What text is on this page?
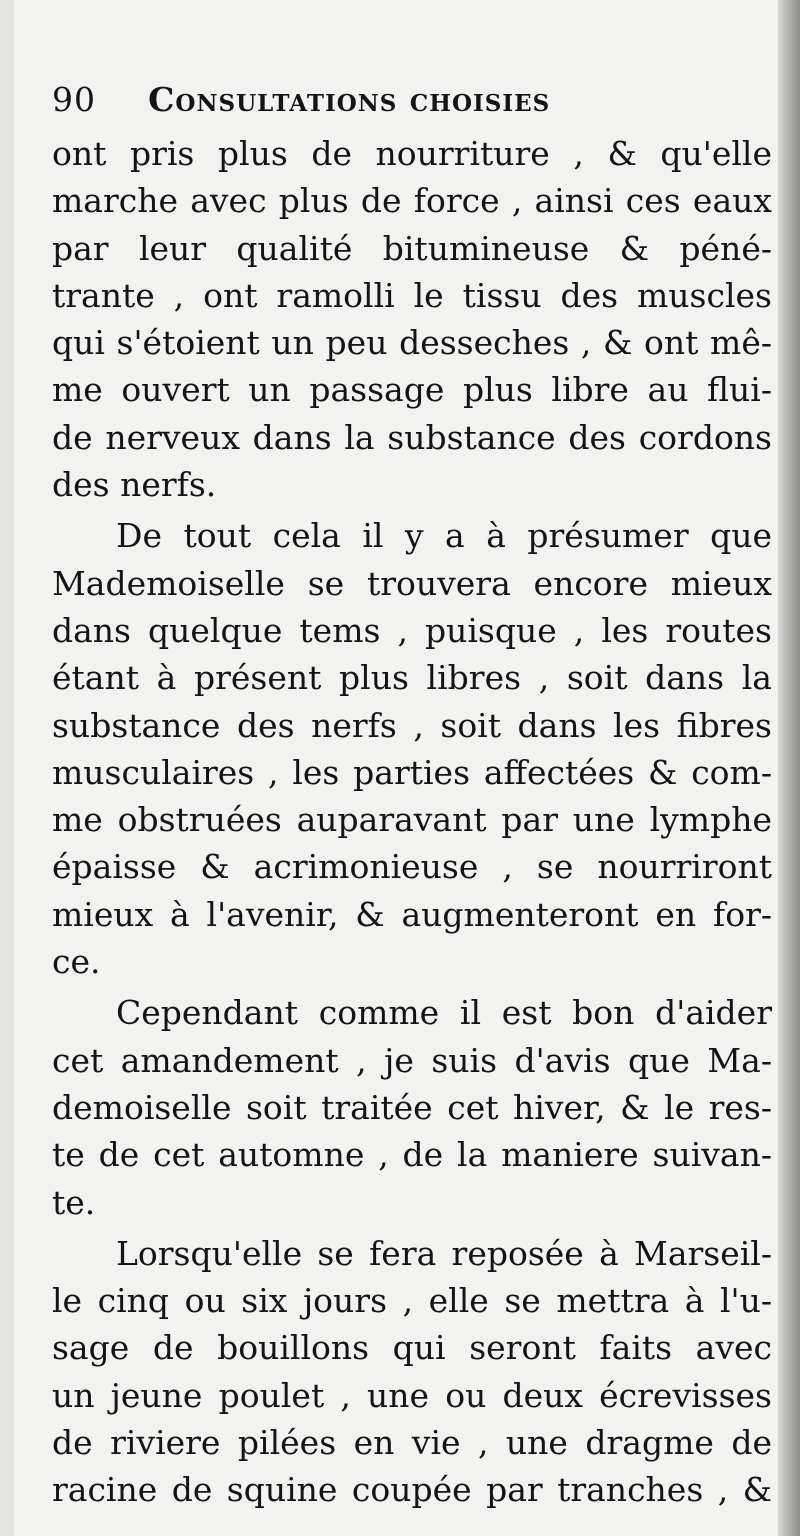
90 Consultations choisies
ont pris plus de nourriture , & qu'elle
marche avec plus de force , ainsi ces eaux
par leur qualité bitumineuse & péné-
trante , ont ramolli le tissu des muscles
qui s'étoient un peu desseches , & ont mê-
me ouvert un passage plus libre au flui-
de nerveux dans la substance des cordons
des nerfs.
De tout cela il y a à présumer que
Mademoiselle se trouvera encore mieux
dans quelque tems , puisque , les routes
étant à présent plus libres , soit dans la
substance des nerfs , soit dans les fibres
musculaires , les parties affectées & com-
me obstruées auparavant par une lymphe
épaisse & acrimonieuse , se nourriront
mieux à l'avenir, & augmenteront en for-
ce.
Cependant comme il est bon d'aider
cet amandement , je suis d'avis que Ma-
demoiselle soit traitée cet hiver, & le res-
te de cet automne , de la maniere suivan-
te.
Lorsqu'elle se fera reposée à Marseil-
le cinq ou six jours , elle se mettra à l'u-
sage de bouillons qui seront faits avec
un jeune poulet , une ou deux écrevisses
de riviere pilées en vie , une dragme de
racine de squine coupée par tranches , &
